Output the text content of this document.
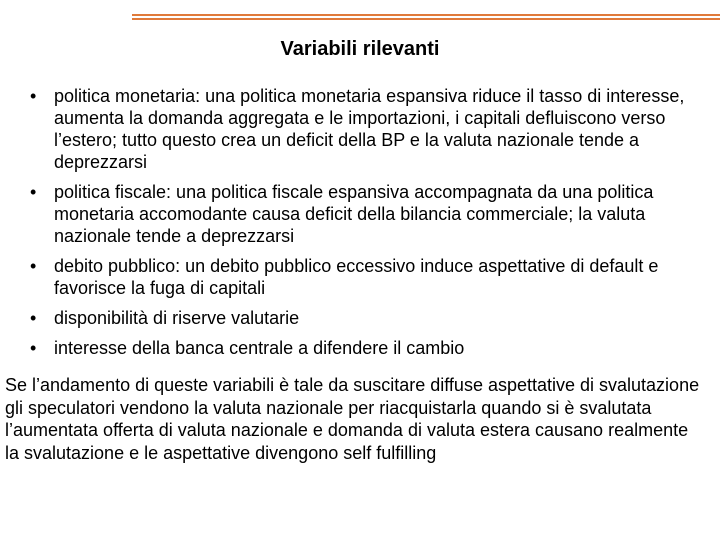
Variabili rilevanti
• politica monetaria: una politica monetaria espansiva riduce il tasso di interesse, aumenta la domanda aggregata e le importazioni, i capitali defluiscono verso l’estero; tutto questo crea un deficit della BP e la valuta nazionale tende a deprezzarsi
• politica fiscale: una politica fiscale espansiva accompagnata da una politica monetaria accomodante causa deficit della bilancia commerciale; la valuta nazionale tende a deprezzarsi
• debito pubblico: un debito pubblico eccessivo induce aspettative di default e favorisce la fuga di capitali
• disponibilità di riserve valutarie
• interesse della banca centrale a difendere il cambio

Se l’andamento di queste variabili è tale da suscitare diffuse aspettative di svalutazione gli speculatori vendono la valuta nazionale per riacquistarla quando si è svalutata

l’aumentata offerta di valuta nazionale e domanda di valuta estera causano realmente la svalutazione e le aspettative divengono self fulfilling
